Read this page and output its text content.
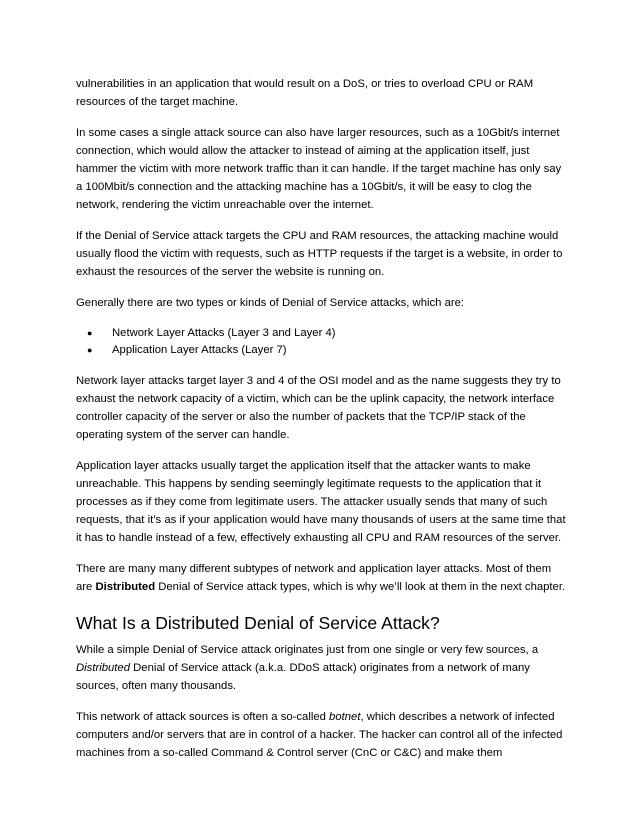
vulnerabilities in an application that would result on a DoS, or tries to overload CPU or RAM resources of the target machine.

In some cases a single attack source can also have larger resources, such as a 10Gbit/s internet connection, which would allow the attacker to instead of aiming at the application itself, just hammer the victim with more network traffic than it can handle. If the target machine has only say a 100Mbit/s connection and the attacking machine has a 10Gbit/s, it will be easy to clog the network, rendering the victim unreachable over the internet.

If the Denial of Service attack targets the CPU and RAM resources, the attacking machine would usually flood the victim with requests, such as HTTP requests if the target is a website, in order to exhaust the resources of the server the website is running on.

Generally there are two types or kinds of Denial of Service attacks, which are:

● Network Layer Attacks (Layer 3 and Layer 4)
● Application Layer Attacks (Layer 7)

Network layer attacks target layer 3 and 4 of the OSI model and as the name suggests they try to exhaust the network capacity of a victim, which can be the uplink capacity, the network interface controller capacity of the server or also the number of packets that the TCP/IP stack of the operating system of the server can handle.

Application layer attacks usually target the application itself that the attacker wants to make unreachable. This happens by sending seemingly legitimate requests to the application that it processes as if they come from legitimate users. The attacker usually sends that many of such requests, that it’s as if your application would have many thousands of users at the same time that it has to handle instead of a few, effectively exhausting all CPU and RAM resources of the server.

There are many many different subtypes of network and application layer attacks. Most of them are Distributed Denial of Service attack types, which is why we’ll look at them in the next chapter.

What Is a Distributed Denial of Service Attack?

While a simple Denial of Service attack originates just from one single or very few sources, a Distributed Denial of Service attack (a.k.a. DDoS attack) originates from a network of many sources, often many thousands.

This network of attack sources is often a so-called botnet, which describes a network of infected computers and/or servers that are in control of a hacker. The hacker can control all of the infected machines from a so-called Command & Control server (CnC or C&C) and make them
